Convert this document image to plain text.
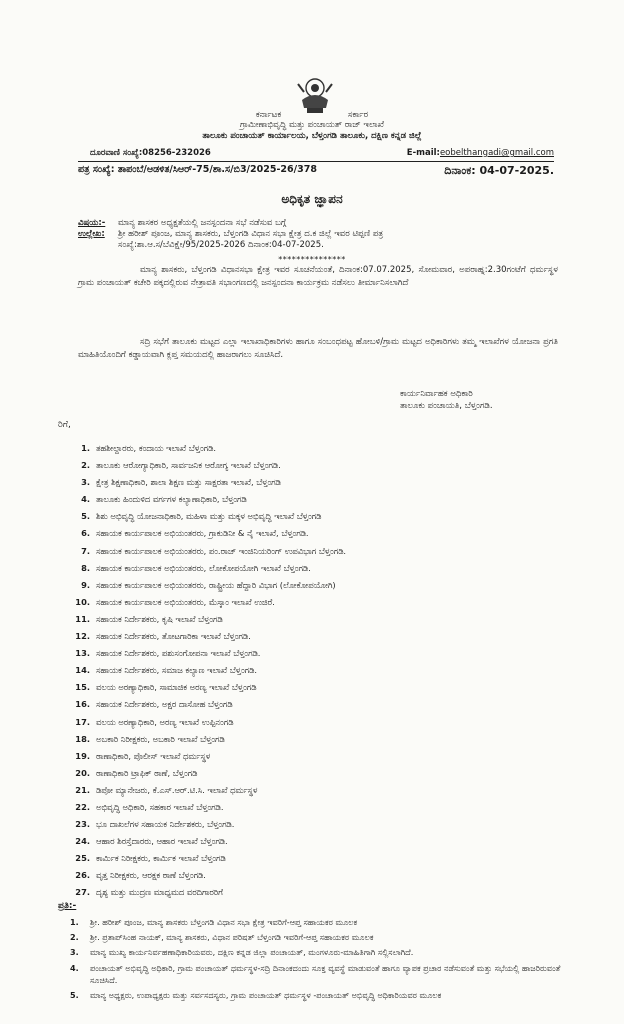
ಕರ್ನಾಟಕ	ಸರ್ಕಾರ
ಗ್ರಾಮೀಣಾಭಿವೃದ್ಧಿ ಮತ್ತು ಪಂಚಾಯತ್ ರಾಜ್ ಇಲಾಖೆ
ತಾಲೂಕು ಪಂಚಾಯತ್ ಕಾರ್ಯಾಲಯ, ಬೆಳ್ತಂಗಡಿ ತಾಲೂಕು, ದಕ್ಷಿಣ ಕನ್ನಡ ಜಿಲ್ಲೆ
ದೂರವಾಣಿ ಸಂಖ್ಯೆ:08256-232026	E-mail:eobelthangadi@gmail.com
ಪತ್ರ ಸಂಖ್ಯೆ: ತಾಪಂಬೆ/ಆಡಳಿತ/ಸಿಆರ್-75/ಶಾ.ಸ/ಬಿ3/2025-26/378	ದಿನಾಂಕ: 04-07-2025.
ಅಧಿಕೃತ ಜ್ಞಾಪನ
ವಿಷಯ:- ಮಾನ್ಯ ಶಾಸಕರ ಅಧ್ಯಕ್ಷತೆಯಲ್ಲಿ ಜನಸ್ಪಂದನಾ ಸಭೆ ನಡೆಸುವ ಬಗ್ಗೆ
ಉಲ್ಲೇಖ: ಶ್ರೀ ಹರೀಶ್ ಪೂಂಜ, ಮಾನ್ಯ ಶಾಸಕರು, ಬೆಳ್ತಂಗಡಿ ವಿಧಾನ ಸಭಾ ಕ್ಷೇತ್ರ ದ.ಕ ಜಿಲ್ಲೆ ಇವರ ಟಿಪ್ಪಣಿ ಪತ್ರ
ಸಂಖ್ಯೆ:ಶಾ.ಆ.ಸ/ಬೆವಿಕ್ಷೇ/95/2025-2026 ದಿನಾಂಕ:04-07-2025.
***************
ಮಾನ್ಯ ಶಾಸಕರು, ಬೆಳ್ತಂಗಡಿ ವಿಧಾನಸಭಾ ಕ್ಷೇತ್ರ ಇವರ ಸೂಚನೆಯಂತೆ, ದಿನಾಂಕ:07.07.2025, ಸೋಮವಾರ, ಅಪರಾಹ್ನ:2.30ಗಂಟೆಗೆ ಧರ್ಮಸ್ಥಳ ಗ್ರಾಮ ಪಂಚಾಯತ್ ಕಚೇರಿ ಪಕ್ಕದಲ್ಲಿರುವ ನೇತ್ರಾವತಿ ಸಭಾಂಗಣದಲ್ಲಿ ಜನಸ್ಪಂದನಾ ಕಾರ್ಯಕ್ರಮ ನಡೆಸಲು ತೀರ್ಮಾನಿಸಲಾಗಿದೆ
ಸದ್ರಿ ಸಭೆಗೆ ತಾಲೂಕು ಮಟ್ಟದ ಎಲ್ಲಾ ಇಲಾಖಾಧಿಕಾರಿಗಳು ಹಾಗೂ ಸಂಬಂಧಪಟ್ಟ ಹೋಬಳಿ/ಗ್ರಾಮ ಮಟ್ಟದ ಅಧಿಕಾರಿಗಳು ತಮ್ಮ ಇಲಾಖೆಗಳ ಯೋಜನಾ ಪ್ರಗತಿ ಮಾಹಿತಿಯೊಂದಿಗೆ ಕಡ್ಡಾಯವಾಗಿ ಕ್ಲಪ್ತ ಸಮಯದಲ್ಲಿ ಹಾಜರಾಗಲು ಸೂಚಿಸಿದೆ.
ಕಾರ್ಯನಿರ್ವಾಹಕ ಅಧಿಕಾರಿ
ತಾಲೂಕು ಪಂಚಾಯತಿ, ಬೆಳ್ತಂಗಡಿ.
ರಿಗೆ,
1. ತಹಶೀಲ್ದಾರರು, ಕಂದಾಯ ಇಲಾಖೆ ಬೆಳ್ತಂಗಡಿ.
2. ತಾಲೂಕು ಆರೋಗ್ಯಾಧಿಕಾರಿ, ಸಾರ್ವಜನಿಕ ಆರೋಗ್ಯ ಇಲಾಖೆ ಬೆಳ್ತಂಗಡಿ.
3. ಕ್ಷೇತ್ರ ಶಿಕ್ಷಣಾಧಿಕಾರಿ, ಶಾಲಾ ಶಿಕ್ಷಣ ಮತ್ತು ಸಾಕ್ಷರತಾ ಇಲಾಖೆ, ಬೆಳ್ತಂಗಡಿ
4. ತಾಲೂಕು ಹಿಂದುಳಿದ ವರ್ಗಗಳ ಕಲ್ಯಾಣಾಧಿಕಾರಿ, ಬೆಳ್ತಂಗಡಿ
5. ಶಿಶು ಅಭಿವೃದ್ಧಿ ಯೋಜನಾಧಿಕಾರಿ, ಮಹಿಳಾ ಮತ್ತು ಮಕ್ಕಳ ಅಭಿವೃದ್ಧಿ ಇಲಾಖೆ ಬೆಳ್ತಂಗಡಿ
6. ಸಹಾಯಕ ಕಾರ್ಯಪಾಲಕ ಅಭಿಯಂತರರು, ಗ್ರಾಕುಡಿನೀ & ನೈ ಇಲಾಖೆ, ಬೆಳ್ತಂಗಡಿ.
7. ಸಹಾಯಕ ಕಾರ್ಯಪಾಲಕ ಅಭಿಯಂತರರು, ಪಂ.ರಾಜ್ ಇಂಜಿನಿಯರಿಂಗ್ ಉಪವಿಭಾಗ ಬೆಳ್ತಂಗಡಿ.
8. ಸಹಾಯಕ ಕಾರ್ಯಪಾಲಕ ಅಭಿಯಂತರರು, ಲೋಕೋಪಯೋಗಿ ಇಲಾಖೆ ಬೆಳ್ತಂಗಡಿ.
9. ಸಹಾಯಕ ಕಾರ್ಯಪಾಲಕ ಅಭಿಯಂತರರು, ರಾಷ್ಟ್ರೀಯ ಹೆದ್ದಾರಿ ವಿಭಾಗ (ಲೋಕೋಪಯೋಗಿ)
10. ಸಹಾಯಕ ಕಾರ್ಯಪಾಲಕ ಅಭಿಯಂತರರು, ಮೆಸ್ಕಾಂ ಇಲಾಖೆ ಉಜಿರೆ.
11. ಸಹಾಯಕ ನಿರ್ದೇಶಕರು, ಕೃಷಿ ಇಲಾಖೆ ಬೆಳ್ತಂಗಡಿ
12. ಸಹಾಯಕ ನಿರ್ದೇಶಕರು, ತೋಟಗಾರಿಕಾ ಇಲಾಖೆ ಬೆಳ್ತಂಗಡಿ.
13. ಸಹಾಯಕ ನಿರ್ದೇಶಕರು, ಪಶುಸಂಗೋಪನಾ ಇಲಾಖೆ ಬೆಳ್ತಂಗಡಿ.
14. ಸಹಾಯಕ ನಿರ್ದೇಶಕರು, ಸಮಾಜ ಕಲ್ಯಾಣ ಇಲಾಖೆ ಬೆಳ್ತಂಗಡಿ.
15. ವಲಯ ಅರಣ್ಯಾಧಿಕಾರಿ, ಸಾಮಾಜಿಕ ಅರಣ್ಯ ಇಲಾಖೆ ಬೆಳ್ತಂಗಡಿ
16. ಸಹಾಯಕ ನಿರ್ದೇಶಕರು, ಅಕ್ಷರ ದಾಸೋಹ ಬೆಳ್ತಂಗಡಿ
17. ವಲಯ ಅರಣ್ಯಾಧಿಕಾರಿ, ಅರಣ್ಯ ಇಲಾಖೆ ಉಪ್ಪಿನಂಗಡಿ
18. ಅಬಕಾರಿ ನಿರೀಕ್ಷಕರು, ಅಬಕಾರಿ ಇಲಾಖೆ ಬೆಳ್ತಂಗಡಿ
19. ಠಾಣಾಧಿಕಾರಿ, ಪೊಲೀಸ್ ಇಲಾಖೆ ಧರ್ಮಸ್ಥಳ
20. ಠಾಣಾಧಿಕಾರಿ ಟ್ರಾಫಿಕ್ ಠಾಣೆ, ಬೆಳ್ತಂಗಡಿ
21. ಡಿಪೋ ಮ್ಯಾನೇಜರು, ಕೆ.ಎಸ್.ಆರ್.ಟಿ.ಸಿ. ಇಲಾಖೆ ಧರ್ಮಸ್ಥಳ
22. ಅಭಿವೃದ್ಧಿ ಅಧಿಕಾರಿ, ಸಹಕಾರ ಇಲಾಖೆ ಬೆಳ್ತಂಗಡಿ.
23. ಭೂ ದಾಖಲೆಗಳ ಸಹಾಯಕ ನಿರ್ದೇಶಕರು, ಬೆಳ್ತಂಗಡಿ.
24. ಆಹಾರ ಶಿರಸ್ತೆದಾರರು, ಆಹಾರ ಇಲಾಖೆ ಬೆಳ್ತಂಗಡಿ.
25. ಕಾರ್ಮಿಕ ನಿರೀಕ್ಷಕರು, ಕಾರ್ಮಿಕ ಇಲಾಖೆ ಬೆಳ್ತಂಗಡಿ
26. ವೃತ್ತ ನಿರೀಕ್ಷಕರು, ಆರಕ್ಷಕ ಠಾಣೆ ಬೆಳ್ತಂಗಡಿ.
27. ದೃಶ್ಯ ಮತ್ತು ಮುದ್ರಣ ಮಾಧ್ಯಮದ ವರದಿಗಾರರಿಗೆ
ಪ್ರತಿ:-
1. ಶ್ರೀ. ಹರೀಶ್ ಪೂಂಜ, ಮಾನ್ಯ ಶಾಸಕರು ಬೆಳ್ತಂಗಡಿ ವಿಧಾನ ಸಭಾ ಕ್ಷೇತ್ರ ಇವರಿಗೆ-ಆಪ್ತ ಸಹಾಯಕರ ಮೂಲಕ
2. ಶ್ರೀ. ಪ್ರತಾಪ್‌ಸಿಂಹ ನಾಯಕ್, ಮಾನ್ಯ ಶಾಸಕರು, ವಿಧಾನ ಪರಿಷತ್ ಬೆಳ್ತಂಗಡಿ ಇವರಿಗೆ-ಆಪ್ತ ಸಹಾಯಕರ ಮೂಲಕ
3. ಮಾನ್ಯ ಮುಖ್ಯ ಕಾರ್ಯನಿರ್ವಹಣಾಧಿಕಾರಿಯವರು, ದಕ್ಷಿಣ ಕನ್ನಡ ಜಿಲ್ಲಾ ಪಂಚಾಯತ್, ಮಂಗಳೂರು-ಮಾಹಿತಿಗಾಗಿ ಸಲ್ಲಿಸಲಾಗಿದೆ.
4. ಪಂಚಾಯತ್ ಅಭಿವೃದ್ಧಿ ಅಧಿಕಾರಿ, ಗ್ರಾಮ ಪಂಚಾಯತ್ ಧರ್ಮಸ್ಥಳ-ಸದ್ರಿ ದಿನಾಂಕದಂದು ಸೂಕ್ತ ವ್ಯವಸ್ಥೆ ಮಾಡುವಂತೆ ಹಾಗೂ ವ್ಯಾಪಕ ಪ್ರಚಾರ ನಡೆಸುವಂತೆ ಮತ್ತು ಸಭೆಯಲ್ಲಿ ಹಾಜರಿರುವಂತೆ ಸೂಚಿಸಿದೆ.
5. ಮಾನ್ಯ ಅಧ್ಯಕ್ಷರು, ಉಪಾಧ್ಯಕ್ಷರು ಮತ್ತು ಸರ್ವಸದಸ್ಯರು, ಗ್ರಾಮ ಪಂಚಾಯತ್ ಧರ್ಮಸ್ಥಳ -ಪಂಚಾಯತ್ ಅಭಿವೃದ್ಧಿ ಅಧಿಕಾರಿಯವರ ಮೂಲಕ
